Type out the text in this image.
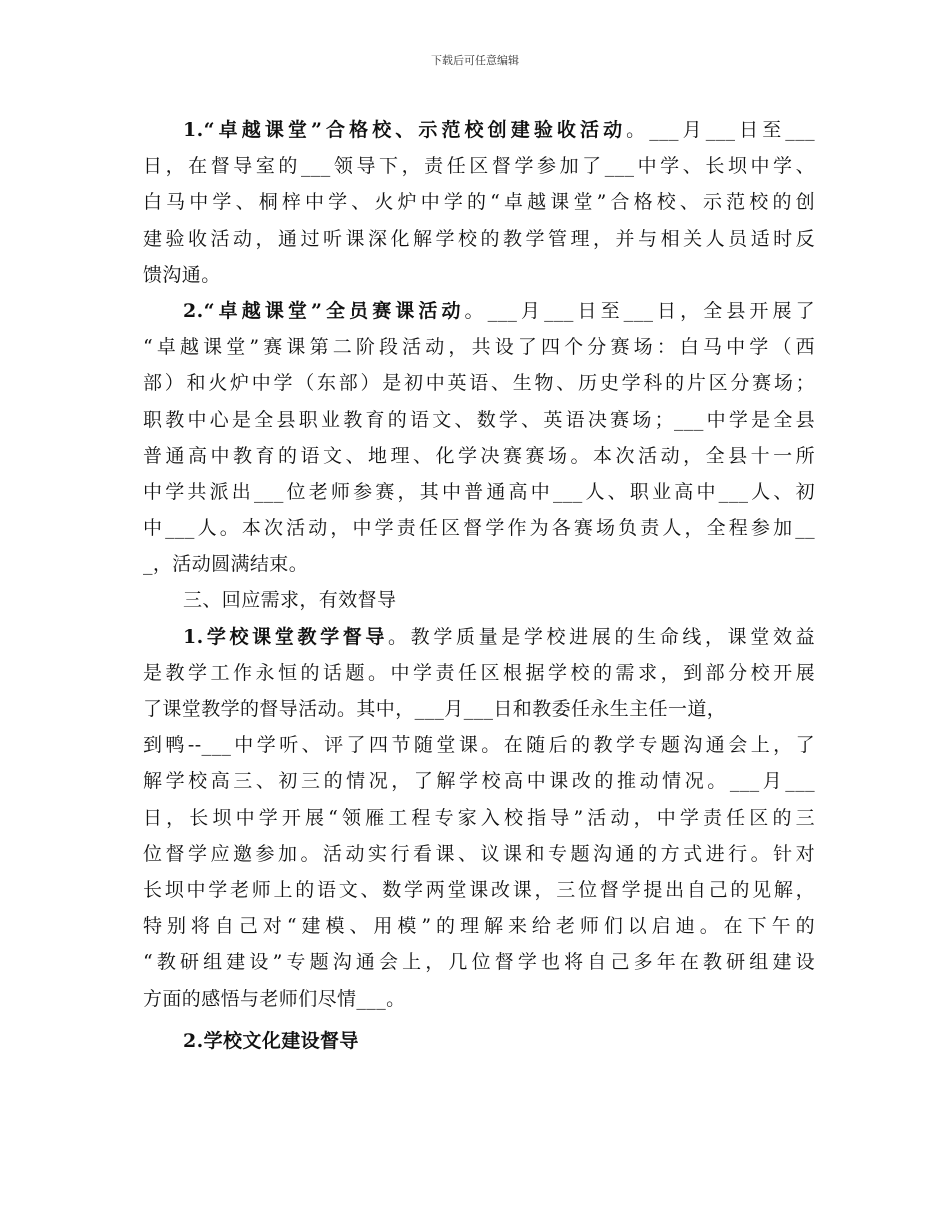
下载后可任意编辑
1.“卓越课堂”合格校、示范校创建验收活动。___月___日至___
日，在督导室的___领导下，责任区督学参加了___中学、长坝中学、
白马中学、桐梓中学、火炉中学的“卓越课堂”合格校、示范校的创
建验收活动，通过听课深化解学校的教学管理，并与相关人员适时反
馈沟通。
2.“卓越课堂”全员赛课活动。___月___日至___日，全县开展了
“卓越课堂”赛课第二阶段活动，共设了四个分赛场：白马中学（西
部）和火炉中学（东部）是初中英语、生物、历史学科的片区分赛场；
职教中心是全县职业教育的语文、数学、英语决赛场；___中学是全县
普通高中教育的语文、地理、化学决赛赛场。本次活动，全县十一所
中学共派出___位老师参赛，其中普通高中___人、职业高中___人、初
中___人。本次活动，中学责任区督学作为各赛场负责人，全程参加__
_，活动圆满结束。
三、回应需求，有效督导
1.学校课堂教学督导。教学质量是学校进展的生命线，课堂效益
是教学工作永恒的话题。中学责任区根据学校的需求，到部分校开展
了课堂教学的督导活动。其中，___月___日和教委任永生主任一道，
到鸭--___中学听、评了四节随堂课。在随后的教学专题沟通会上，了
解学校高三、初三的情况，了解学校高中课改的推动情况。___月___
日，长坝中学开展“领雁工程专家入校指导”活动，中学责任区的三
位督学应邀参加。活动实行看课、议课和专题沟通的方式进行。针对
长坝中学老师上的语文、数学两堂课改课，三位督学提出自己的见解，
特别将自己对“建模、用模”的理解来给老师们以启迪。在下午的
“教研组建设”专题沟通会上，几位督学也将自己多年在教研组建设
方面的感悟与老师们尽情___。
2.学校文化建设督导
